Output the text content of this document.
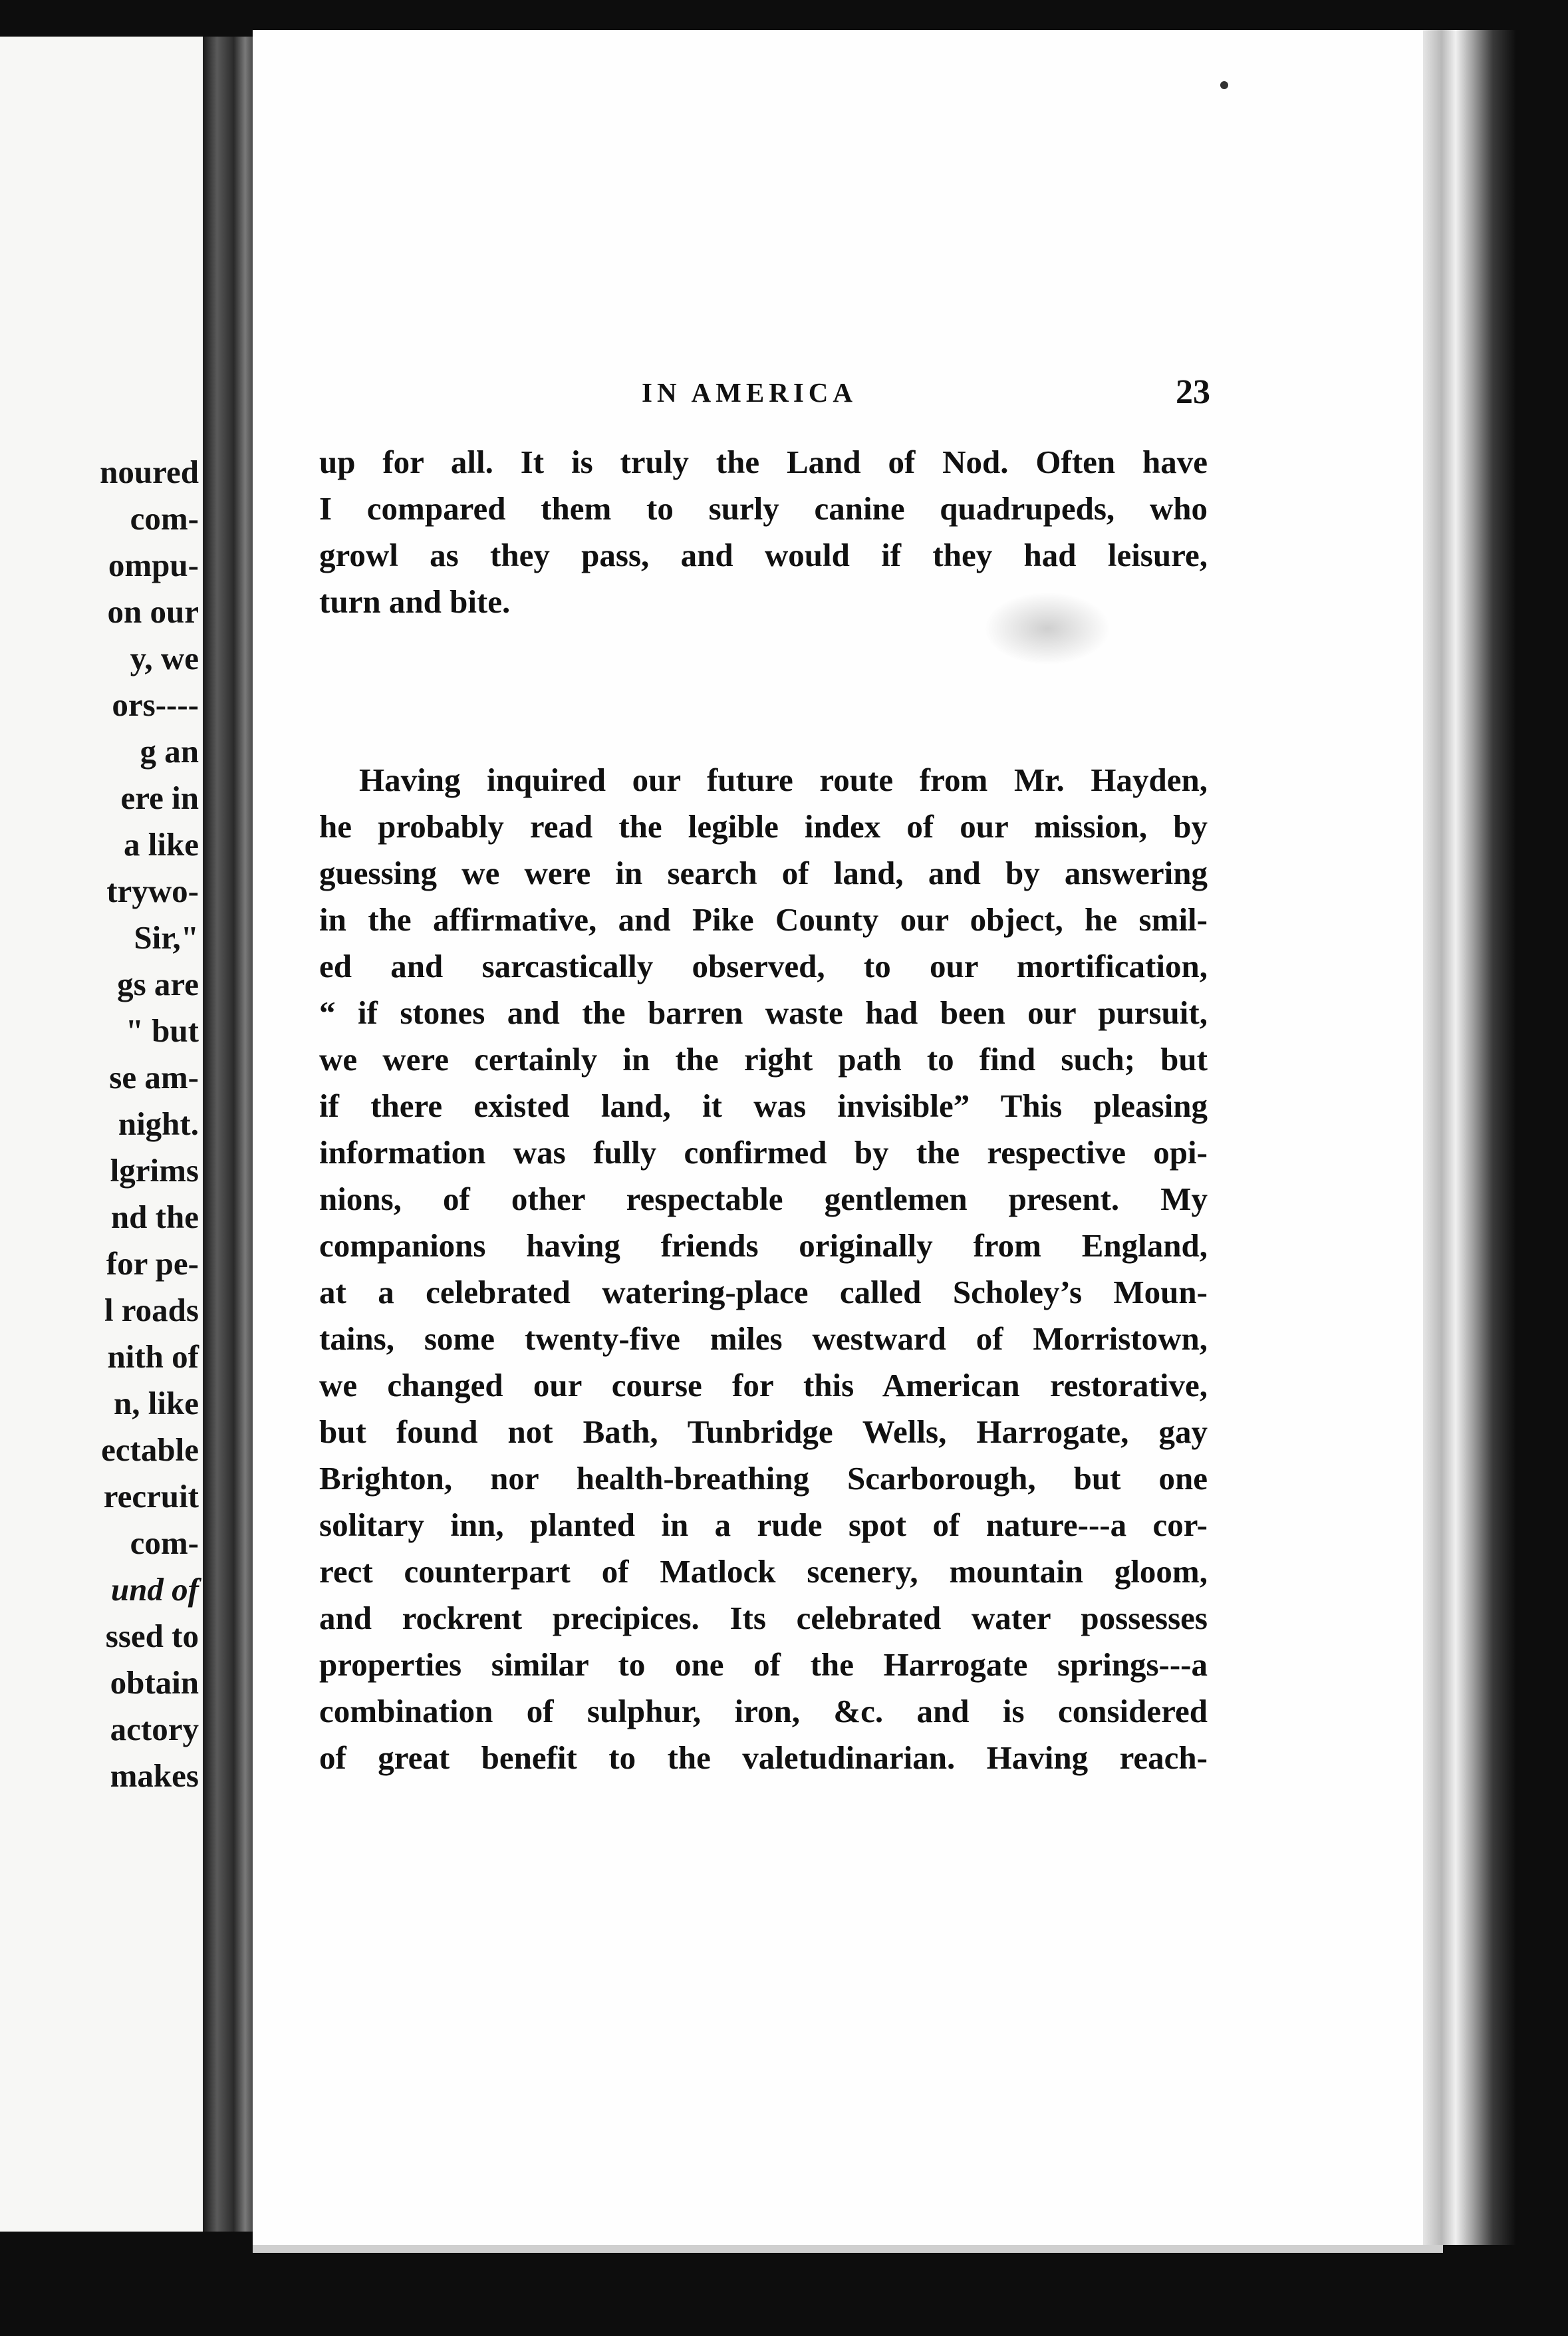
noured
com-
ompu-
on our
y, we
ors----
g an
ere in
a like
trywo-
Sir,"
gs are
" but
se am-
night.
lgrims
nd the
for pe-
l roads
nith of
n, like
ectable
recruit
com-
und of
ssed to
obtain
actory
makes
IN AMERICA	23
up for all. It is truly the Land of Nod. Often have
I compared them to surly canine quadrupeds, who
growl as they pass, and would if they had leisure,
turn and bite.
Having inquired our future route from Mr. Hayden,
he probably read the legible index of our mission, by
guessing we were in search of land, and by answering
in the affirmative, and Pike County our object, he smil-
ed and sarcastically observed, to our mortification,
“ if stones and the barren waste had been our pursuit,
we were certainly in the right path to find such; but
if there existed land, it was invisible” This pleasing
information was fully confirmed by the respective opi-
nions, of other respectable gentlemen present. My
companions having friends originally from England,
at a celebrated watering-place called Scholey’s Moun-
tains, some twenty-five miles westward of Morristown,
we changed our course for this American restorative,
but found not Bath, Tunbridge Wells, Harrogate, gay
Brighton, nor health-breathing Scarborough, but one
solitary inn, planted in a rude spot of nature---a cor-
rect counterpart of Matlock scenery, mountain gloom,
and rockrent precipices. Its celebrated water possesses
properties similar to one of the Harrogate springs---a
combination of sulphur, iron, &c. and is considered
of great benefit to the valetudinarian. Having reach-
